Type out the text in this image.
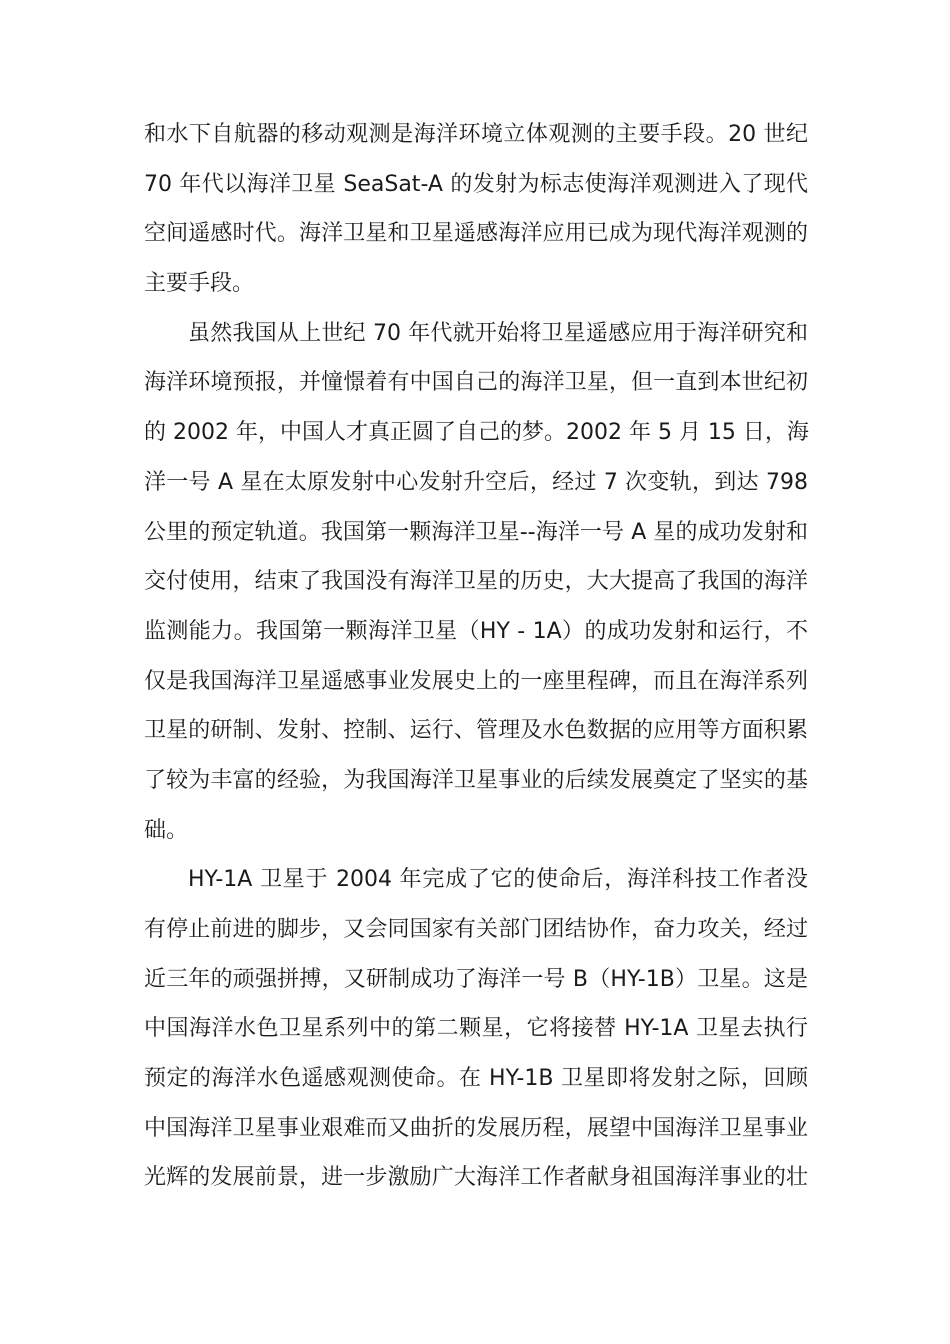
和水下自航器的移动观测是海洋环境立体观测的主要手段。20 世纪
70 年代以海洋卫星 SeaSat-A 的发射为标志使海洋观测进入了现代
空间遥感时代。海洋卫星和卫星遥感海洋应用已成为现代海洋观测的
主要手段。
虽然我国从上世纪 70 年代就开始将卫星遥感应用于海洋研究和
海洋环境预报，并憧憬着有中国自己的海洋卫星，但一直到本世纪初
的 2002 年，中国人才真正圆了自己的梦。2002 年 5 月 15 日，海
洋一号 A 星在太原发射中心发射升空后，经过 7 次变轨，到达 798
公里的预定轨道。我国第一颗海洋卫星--海洋一号 A 星的成功发射和
交付使用，结束了我国没有海洋卫星的历史，大大提高了我国的海洋
监测能力。我国第一颗海洋卫星（HY - 1A）的成功发射和运行，不
仅是我国海洋卫星遥感事业发展史上的一座里程碑，而且在海洋系列
卫星的研制、发射、控制、运行、管理及水色数据的应用等方面积累
了较为丰富的经验，为我国海洋卫星事业的后续发展奠定了坚实的基
础。
HY-1A 卫星于 2004 年完成了它的使命后，海洋科技工作者没
有停止前进的脚步，又会同国家有关部门团结协作，奋力攻关，经过
近三年的顽强拼搏，又研制成功了海洋一号 B（HY-1B）卫星。这是
中国海洋水色卫星系列中的第二颗星，它将接替 HY-1A 卫星去执行
预定的海洋水色遥感观测使命。在 HY-1B 卫星即将发射之际，回顾
中国海洋卫星事业艰难而又曲折的发展历程，展望中国海洋卫星事业
光辉的发展前景，进一步激励广大海洋工作者献身祖国海洋事业的壮
